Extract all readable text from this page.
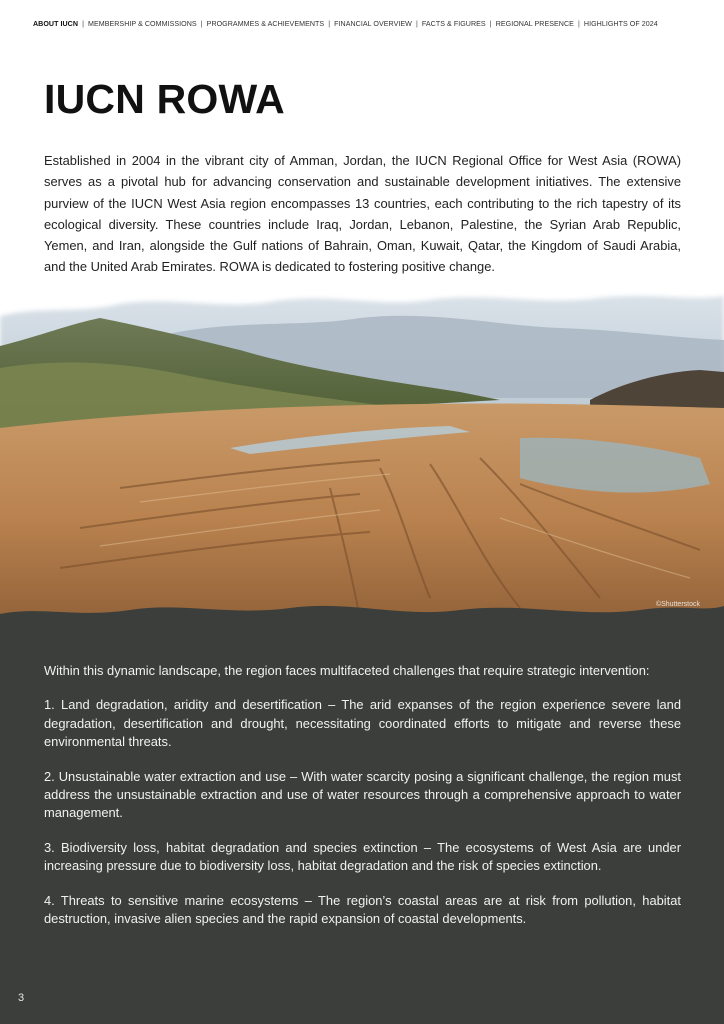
ABOUT IUCN | MEMBERSHIP & COMMISSIONS | PROGRAMMES & ACHIEVEMENTS | FINANCIAL OVERVIEW | FACTS & FIGURES | REGIONAL PRESENCE | HIGHLIGHTS OF 2024
IUCN ROWA

Established in 2004 in the vibrant city of Amman, Jordan, the IUCN Regional Office for West Asia (ROWA) serves as a pivotal hub for advancing conservation and sustainable development initiatives. The extensive purview of the IUCN West Asia region encompasses 13 countries, each contributing to the rich tapestry of its ecological diversity. These countries include Iraq, Jordan, Lebanon, Palestine, the Syrian Arab Republic, Yemen, and Iran, alongside the Gulf nations of Bahrain, Oman, Kuwait, Qatar, the Kingdom of Saudi Arabia, and the United Arab Emirates. ROWA is dedicated to fostering positive change.

©Shutterstock

Within this dynamic landscape, the region faces multifaceted challenges that require strategic intervention:

1. Land degradation, aridity and desertification – The arid expanses of the region experience severe land degradation, desertification and drought, necessitating coordinated efforts to mitigate and reverse these environmental threats.

2. Unsustainable water extraction and use – With water scarcity posing a significant challenge, the region must address the unsustainable extraction and use of water resources through a comprehensive approach to water management.

3. Biodiversity loss, habitat degradation and species extinction – The ecosystems of West Asia are under increasing pressure due to biodiversity loss, habitat degradation and the risk of species extinction.

4. Threats to sensitive marine ecosystems – The region’s coastal areas are at risk from pollution, habitat destruction, invasive alien species and the rapid expansion of coastal developments.

3
